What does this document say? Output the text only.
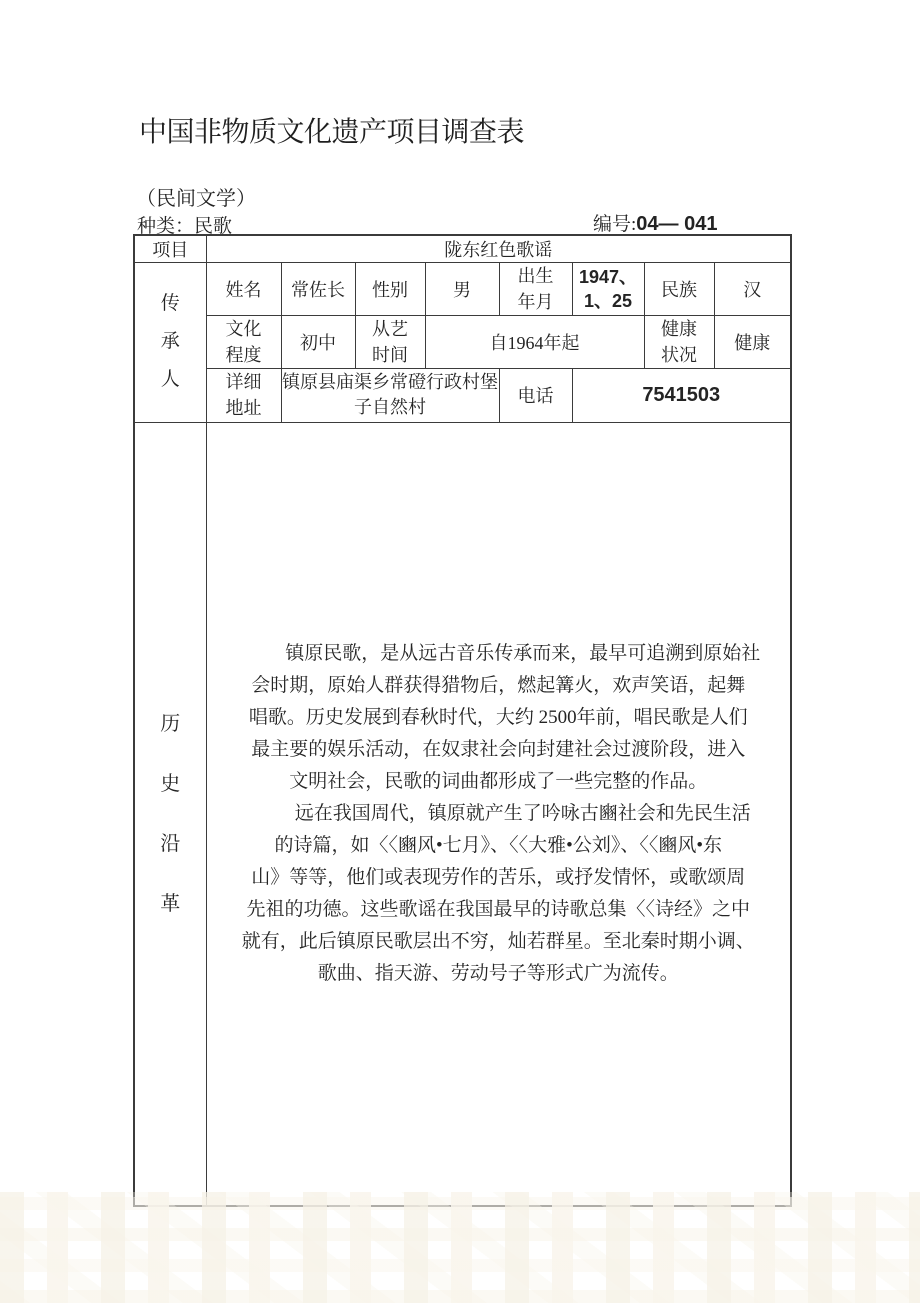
中国非物质文化遗产项目调查表
（民间文学）
种类：民歌	编号:04— 041
项目	陇东红色歌谣							

传承人	姓名	常佐长	性别	男	出生年月	1947、1、25	民族	汉
	文化程度	初中	从艺时间	自1964年起			健康状况	健康
	详细地址	镇原县庙渠乡常磴行政村堡子自然村			电话	7541503		

历史沿革

镇原民歌，是从远古音乐传承而来，最早可追溯到原始社
会时期，原始人群获得猎物后，燃起篝火，欢声笑语，起舞
唱歌。历史发展到春秋时代，大约 2500年前，唱民歌是人们
最主要的娱乐活动，在奴隶社会向封建社会过渡阶段，进入
文明社会，民歌的词曲都形成了一些完整的作品。
远在我国周代，镇原就产生了吟咏古豳社会和先民生活
的诗篇，如〈〈豳风•七月》、〈〈大雅•公刘》、〈〈豳风•东
山》等等，他们或表现劳作的苦乐，或抒发情怀，或歌颂周
先祖的功德。这些歌谣在我国最早的诗歌总集〈〈诗经》之中
就有，此后镇原民歌层出不穷，灿若群星。至北秦时期小调、
歌曲、指天游、劳动号子等形式广为流传。
